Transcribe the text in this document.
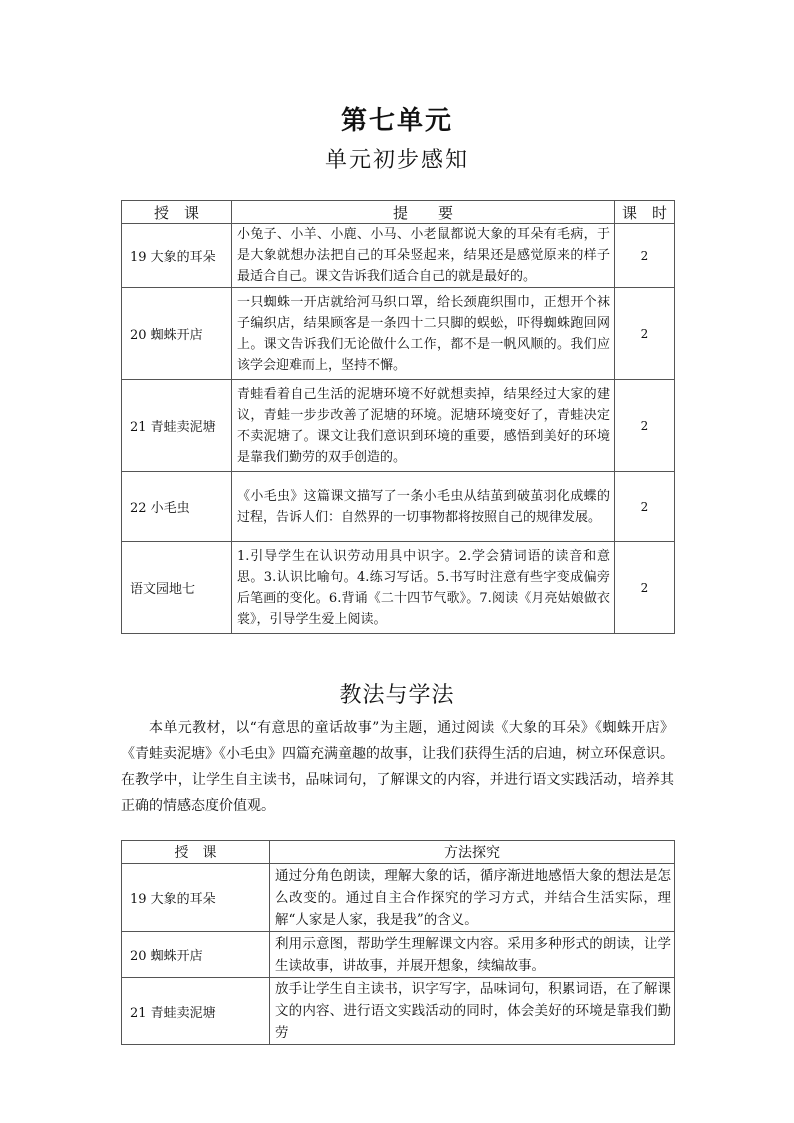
第七单元
单元初步感知
授　课	提　　要	课　时
19 大象的耳朵	小兔子、小羊、小鹿、小马、小老鼠都说大象的耳朵有毛病，于是大象就想办法把自己的耳朵竖起来，结果还是感觉原来的样子最适合自己。课文告诉我们适合自己的就是最好的。	2
20 蜘蛛开店	一只蜘蛛一开店就给河马织口罩，给长颈鹿织围巾，正想开个袜子编织店，结果顾客是一条四十二只脚的蜈蚣，吓得蜘蛛跑回网上。课文告诉我们无论做什么工作，都不是一帆风顺的。我们应该学会迎难而上，坚持不懈。	2
21 青蛙卖泥塘	青蛙看着自己生活的泥塘环境不好就想卖掉，结果经过大家的建议，青蛙一步步改善了泥塘的环境。泥塘环境变好了，青蛙决定不卖泥塘了。课文让我们意识到环境的重要，感悟到美好的环境是靠我们勤劳的双手创造的。	2
22 小毛虫	《小毛虫》这篇课文描写了一条小毛虫从结茧到破茧羽化成蝶的过程，告诉人们：自然界的一切事物都将按照自己的规律发展。	2
语文园地七	1.引导学生在认识劳动用具中识字。2.学会猜词语的读音和意思。3.认识比喻句。4.练习写话。5.书写时注意有些字变成偏旁后笔画的变化。6.背诵《二十四节气歌》。7.阅读《月亮姑娘做衣裳》，引导学生爱上阅读。	2
教法与学法

本单元教材，以“有意思的童话故事”为主题，通过阅读《大象的耳朵》《蜘蛛开店》《青蛙卖泥塘》《小毛虫》四篇充满童趣的故事，让我们获得生活的启迪，树立环保意识。在教学中，让学生自主读书，品味词句，了解课文的内容，并进行语文实践活动，培养其正确的情感态度价值观。

授　课	方法探究
19 大象的耳朵	通过分角色朗读，理解大象的话，循序渐进地感悟大象的想法是怎么改变的。通过自主合作探究的学习方式，并结合生活实际，理解“人家是人家，我是我”的含义。
20 蜘蛛开店	利用示意图，帮助学生理解课文内容。采用多种形式的朗读，让学生读故事，讲故事，并展开想象，续编故事。
21 青蛙卖泥塘	放手让学生自主读书，识字写字，品味词句，积累词语，在了解课文的内容、进行语文实践活动的同时，体会美好的环境是靠我们勤劳
